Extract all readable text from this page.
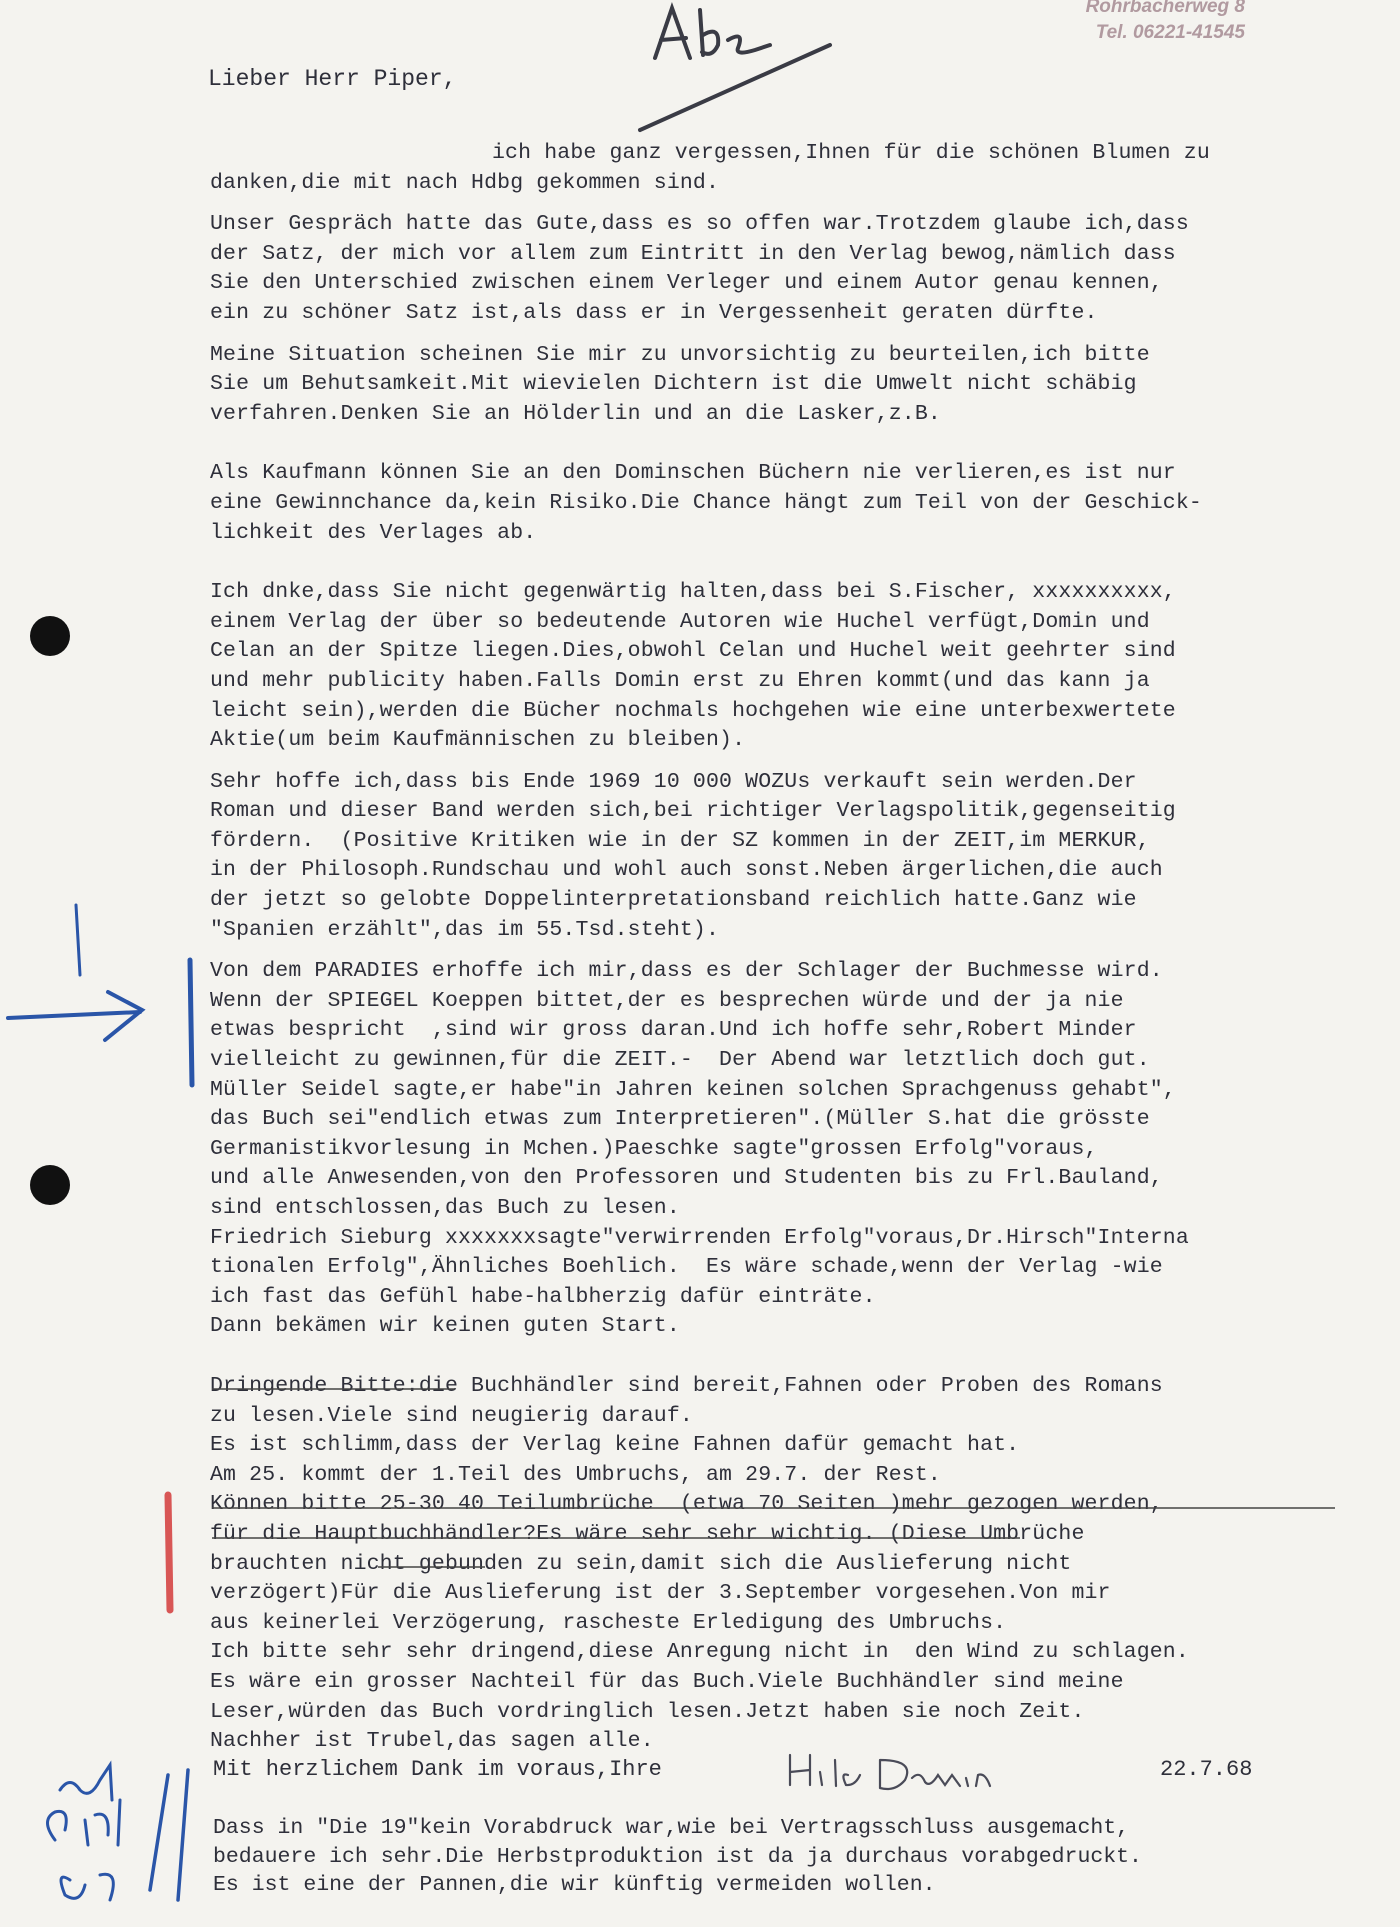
Rohrbacherweg 8
Tel. 06221-41545
Lieber Herr Piper,

ich habe ganz vergessen,Ihnen für die schönen Blumen zu
danken,die mit nach Hdbg gekommen sind.

Unser Gespräch hatte das Gute,dass es so offen war.Trotzdem glaube ich,dass
der Satz, der mich vor allem zum Eintritt in den Verlag bewog,nämlich dass
Sie den Unterschied zwischen einem Verleger und einem Autor genau kennen,
ein zu schöner Satz ist,als dass er in Vergessenheit geraten dürfte.

Meine Situation scheinen Sie mir zu unvorsichtig zu beurteilen,ich bitte
Sie um Behutsamkeit.Mit wievielen Dichtern ist die Umwelt nicht schäbig
verfahren.Denken Sie an Hölderlin und an die Lasker,z.B.

Als Kaufmann können Sie an den Dominschen Büchern nie verlieren,es ist nur
eine Gewinnchance da,kein Risiko.Die Chance hängt zum Teil von der Geschick-
lichkeit des Verlages ab.

Ich dnke,dass Sie nicht gegenwärtig halten,dass bei S.Fischer, xxxxxxxxxx,
einem Verlag der über so bedeutende Autoren wie Huchel verfügt,Domin und
Celan an der Spitze liegen.Dies,obwohl Celan und Huchel weit geehrter sind
und mehr publicity haben.Falls Domin erst zu Ehren kommt(und das kann ja
leicht sein),werden die Bücher nochmals hochgehen wie eine unterbexwertete
Aktie(um beim Kaufmännischen zu bleiben).

Sehr hoffe ich,dass bis Ende 1969 10 000 WOZUs verkauft sein werden.Der
Roman und dieser Band werden sich,bei richtiger Verlagspolitik,gegenseitig
fördern.  (Positive Kritiken wie in der SZ kommen in der ZEIT,im MERKUR,
in der Philosoph.Rundschau und wohl auch sonst.Neben ärgerlichen,die auch
der jetzt so gelobte Doppelinterpretationsband reichlich hatte.Ganz wie
"Spanien erzählt",das im 55.Tsd.steht).

Von dem PARADIES erhoffe ich mir,dass es der Schlager der Buchmesse wird.
Wenn der SPIEGEL Koeppen bittet,der es besprechen würde und der ja nie
etwas bespricht  ,sind wir gross daran.Und ich hoffe sehr,Robert Minder
vielleicht zu gewinnen,für die ZEIT.-  Der Abend war letztlich doch gut.
Müller Seidel sagte,er habe"in Jahren keinen solchen Sprachgenuss gehabt",
das Buch sei"endlich etwas zum Interpretieren".(Müller S.hat die grösste
Germanistikvorlesung in Mchen.)Paeschke sagte"grossen Erfolg"voraus,
und alle Anwesenden,von den Professoren und Studenten bis zu Frl.Bauland,
sind entschlossen,das Buch zu lesen.
Friedrich Sieburg xxxxxxxsagte"verwirrenden Erfolg"voraus,Dr.Hirsch"Interna
tionalen Erfolg",Ähnliches Boehlich.  Es wäre schade,wenn der Verlag -wie
ich fast das Gefühl habe-halbherzig dafür einträte.
Dann bekämen wir keinen guten Start.

Dringende Bitte:die Buchhändler sind bereit,Fahnen oder Proben des Romans
zu lesen.Viele sind neugierig darauf.
Es ist schlimm,dass der Verlag keine Fahnen dafür gemacht hat.
Am 25. kommt der 1.Teil des Umbruchs, am 29.7. der Rest.
Können bitte 25-30 40 Teilumbrüche  (etwa 70 Seiten )mehr gezogen werden,
für die Hauptbuchhändler?Es wäre sehr sehr wichtig. (Diese Umbrüche
brauchten nicht gebunden zu sein,damit sich die Auslieferung nicht
verzögert)Für die Auslieferung ist der 3.September vorgesehen.Von mir
aus keinerlei Verzögerung, rascheste Erledigung des Umbruchs.
Ich bitte sehr sehr dringend,diese Anregung nicht in  den Wind zu schlagen.
Es wäre ein grosser Nachteil für das Buch.Viele Buchhändler sind meine
Leser,würden das Buch vordringlich lesen.Jetzt haben sie noch Zeit.
Nachher ist Trubel,das sagen alle.

Mit herzlichem Dank im voraus,Ihre	22.7.68
Dass in "Die 19"kein Vorabdruck war,wie bei Vertragsschluss ausgemacht,
bedauere ich sehr.Die Herbstproduktion ist da ja durchaus vorabgedruckt.
Es ist eine der Pannen,die wir künftig vermeiden wollen.
